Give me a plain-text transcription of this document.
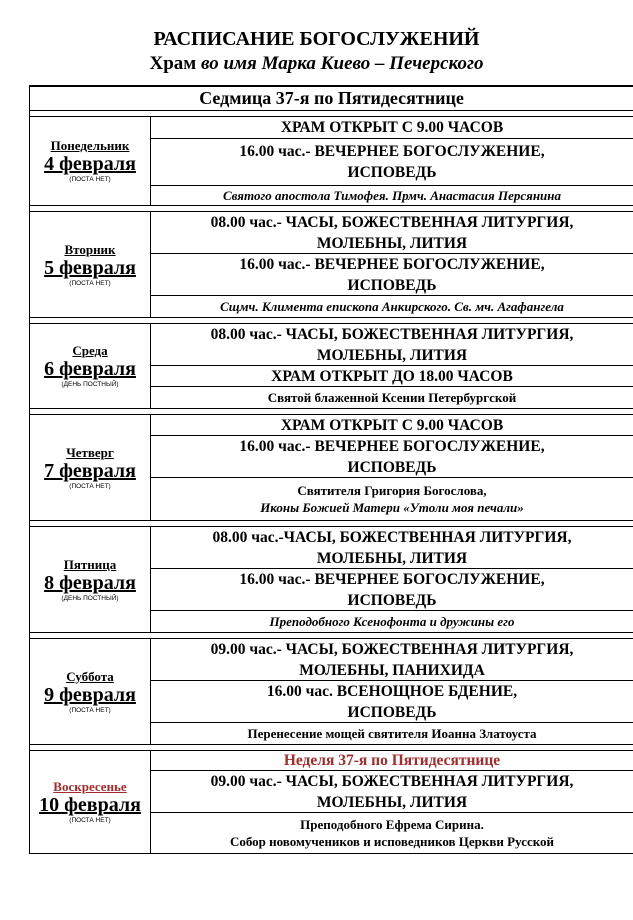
РАСПИСАНИЕ БОГОСЛУЖЕНИЙ
Храм во имя Марка Киево – Печерского
Седмица 37-я по Пятидесятнице
Понедельник
4 февраля
(ПОСТА НЕТ)
ХРАМ ОТКРЫТ С 9.00 ЧАСОВ
16.00 час.- ВЕЧЕРНЕЕ БОГОСЛУЖЕНИЕ,
ИСПОВЕДЬ
Святого апостола Тимофея. Прмч. Анастасия Персянина
Вторник
5 февраля
(ПОСТА НЕТ)
08.00 час.- ЧАСЫ, БОЖЕСТВЕННАЯ ЛИТУРГИЯ,
МОЛЕБНЫ, ЛИТИЯ
16.00 час.- ВЕЧЕРНЕЕ БОГОСЛУЖЕНИЕ,
ИСПОВЕДЬ
Сщмч. Климента епископа Анкирского. Св. мч. Агафангела
Среда
6 февраля
(ДЕНЬ ПОСТНЫЙ)
08.00 час.- ЧАСЫ, БОЖЕСТВЕННАЯ ЛИТУРГИЯ,
МОЛЕБНЫ, ЛИТИЯ
ХРАМ ОТКРЫТ ДО 18.00 ЧАСОВ
Святой блаженной Ксении Петербургской
Четверг
7 февраля
(ПОСТА НЕТ)
ХРАМ ОТКРЫТ С 9.00 ЧАСОВ
16.00 час.- ВЕЧЕРНЕЕ БОГОСЛУЖЕНИЕ,
ИСПОВЕДЬ
Святителя Григория Богослова,
Иконы Божией Матери «Утоли моя печали»
Пятница
8 февраля
(ДЕНЬ ПОСТНЫЙ)
08.00 час.-ЧАСЫ, БОЖЕСТВЕННАЯ ЛИТУРГИЯ,
МОЛЕБНЫ, ЛИТИЯ
16.00 час.- ВЕЧЕРНЕЕ БОГОСЛУЖЕНИЕ,
ИСПОВЕДЬ
Преподобного Ксенофонта и дружины его
Суббота
9 февраля
(ПОСТА НЕТ)
09.00 час.- ЧАСЫ, БОЖЕСТВЕННАЯ ЛИТУРГИЯ,
МОЛЕБНЫ, ПАНИХИДА
16.00 час. ВСЕНОЩНОЕ БДЕНИЕ,
ИСПОВЕДЬ
Перенесение мощей святителя Иоанна Златоуста
Воскресенье
10 февраля
(ПОСТА НЕТ)
Неделя 37-я по Пятидесятнице
09.00 час.- ЧАСЫ, БОЖЕСТВЕННАЯ ЛИТУРГИЯ,
МОЛЕБНЫ, ЛИТИЯ
Преподобного Ефрема Сирина.
Собор новомучеников и исповедников Церкви Русской
